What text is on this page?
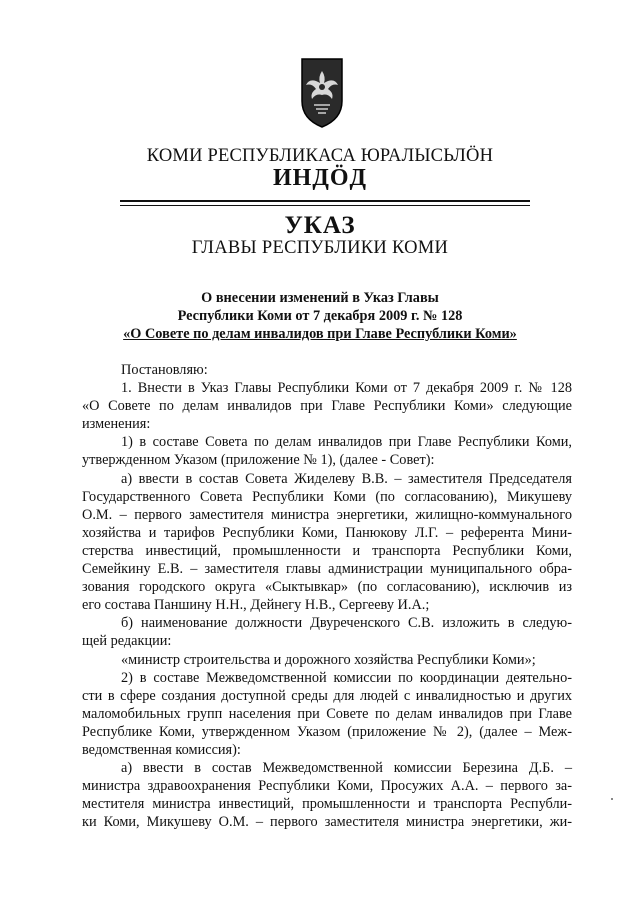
КОМИ РЕСПУБЛИКАСА ЮРАЛЫСЬЛӦН
ИНДӦД
УКАЗ
ГЛАВЫ РЕСПУБЛИКИ КОМИ
О внесении изменений в Указ Главы
Республики Коми от 7 декабря 2009 г. № 128
«О Совете по делам инвалидов при Главе Республики Коми»

Постановляю:

1. Внести в Указ Главы Республики Коми от 7 декабря 2009 г. № 128

«О Совете по делам инвалидов при Главе Республики Коми» следующие

изменения:

1) в составе Совета по делам инвалидов при Главе Республики Коми,

утвержденном Указом (приложение № 1), (далее - Совет):

а) ввести в состав Совета Жиделеву В.В. – заместителя Председателя

Государственного Совета Республики Коми (по согласованию), Микушеву

О.М. – первого заместителя министра энергетики, жилищно-коммунального

хозяйства и тарифов Республики Коми, Панюкову Л.Г. – референта Мини-

стерства инвестиций, промышленности и транспорта Республики Коми,

Семейкину Е.В. – заместителя главы администрации муниципального обра-

зования городского округа «Сыктывкар» (по согласованию), исключив из

его состава Паншину Н.Н., Дейнегу Н.В., Сергееву И.А.;

б) наименование должности Двуреченского С.В. изложить в следую-

щей редакции:

«министр строительства и дорожного хозяйства Республики Коми»;

2) в составе Межведомственной комиссии по координации деятельно-

сти в сфере создания доступной среды для людей с инвалидностью и других

маломобильных групп населения при Совете по делам инвалидов при Главе

Республике Коми, утвержденном Указом (приложение № 2), (далее – Меж-

ведомственная комиссия):

а) ввести в состав Межведомственной комиссии Березина Д.Б. –

министра здравоохранения Республики Коми, Просужих А.А. – первого за-

местителя министра инвестиций, промышленности и транспорта Республи-

ки Коми, Микушеву О.М. – первого заместителя министра энергетики, жи-
